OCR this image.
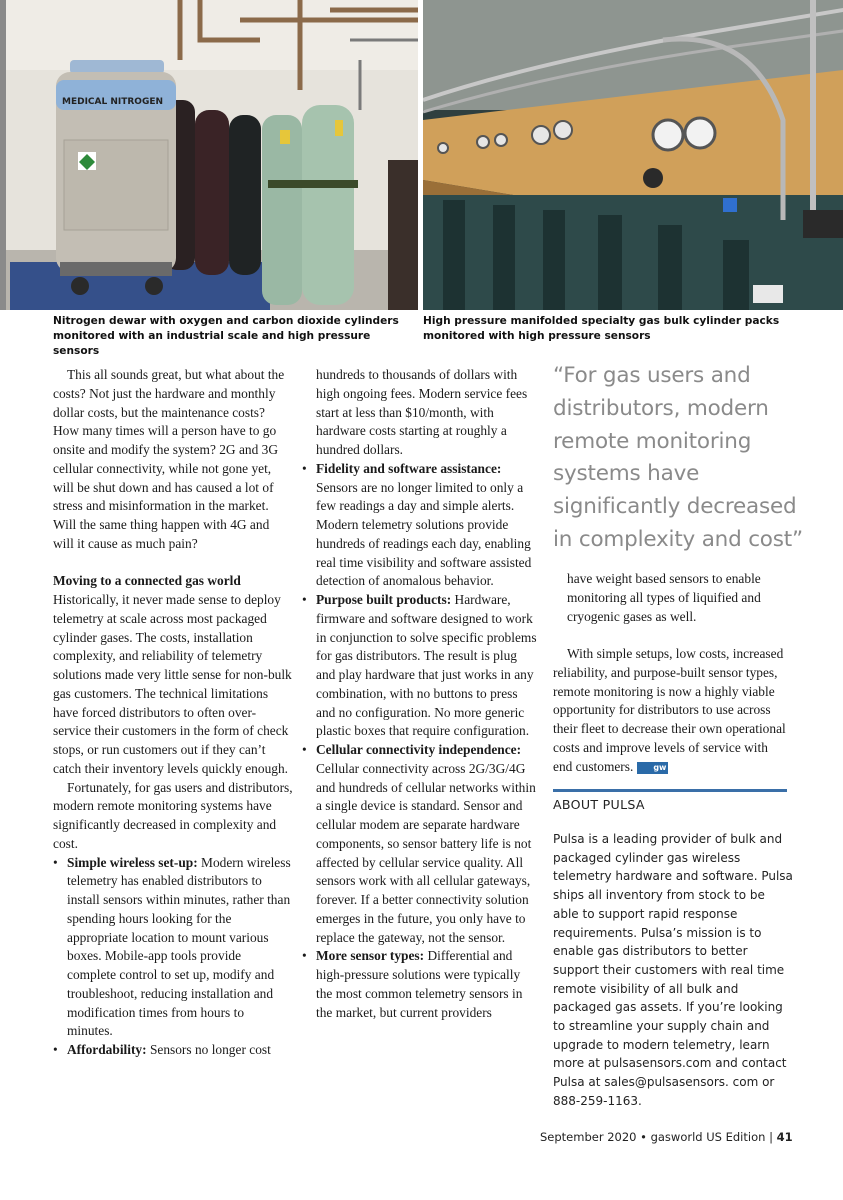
MEDICAL NITROGEN
Nitrogen dewar with oxygen and carbon dioxide cylinders monitored with an industrial scale and high pressure sensors
High pressure manifolded specialty gas bulk cylinder packs monitored with high pressure sensors

This all sounds great, but what about the costs? Not just the hardware and monthly dollar costs, but the maintenance costs? How many times will a person have to go onsite and modify the system? 2G and 3G cellular connectivity, while not gone yet, will be shut down and has caused a lot of stress and misinformation in the market. Will the same thing happen with 4G and will it cause as much pain?

Moving to a connected gas world

Historically, it never made sense to deploy telemetry at scale across most packaged cylinder gases. The costs, installation complexity, and reliability of telemetry solutions made very little sense for non-bulk gas customers. The technical limitations have forced distributors to often over-service their customers in the form of check stops, or run customers out if they can’t catch their inventory levels quickly enough.

Fortunately, for gas users and distributors, modern remote monitoring systems have significantly decreased in complexity and cost.

• Simple wireless set-up: Modern wireless telemetry has enabled distributors to install sensors within minutes, rather than spending hours looking for the appropriate location to mount various boxes. Mobile-app tools provide complete control to set up, modify and troubleshoot, reducing installation and modification times from hours to minutes.
• Affordability: Sensors no longer cost

hundreds to thousands of dollars with high ongoing fees. Modern service fees start at less than $10/month, with hardware costs starting at roughly a hundred dollars.

• Fidelity and software assistance: Sensors are no longer limited to only a few readings a day and simple alerts. Modern telemetry solutions provide hundreds of readings each day, enabling real time visibility and software assisted detection of anomalous behavior.
• Purpose built products: Hardware, firmware and software designed to work in conjunction to solve specific problems for gas distributors. The result is plug and play hardware that just works in any combination, with no buttons to press and no configuration. No more generic plastic boxes that require configuration.
• Cellular connectivity independence: Cellular connectivity across 2G/3G/4G and hundreds of cellular networks within a single device is standard. Sensor and cellular modem are separate hardware components, so sensor battery life is not affected by cellular service quality. All sensors work with all cellular gateways, forever. If a better connectivity solution emerges in the future, you only have to replace the gateway, not the sensor.
• More sensor types: Differential and high-pressure solutions were typically the most common telemetry sensors in the market, but current providers
“For gas users and distributors, modern remote monitoring systems have significantly decreased in complexity and cost”

have weight based sensors to enable monitoring all types of liquified and cryogenic gases as well.

With simple setups, low costs, increased reliability, and purpose-built sensor types, remote monitoring is now a highly viable opportunity for distributors to use across their fleet to decrease their own operational costs and improve levels of service with end customers.	gw

ABOUT PULSA
Pulsa is a leading provider of bulk and packaged cylinder gas wireless telemetry hardware and software. Pulsa ships all inventory from stock to be able to support rapid response requirements. Pulsa’s mission is to enable gas distributors to better support their customers with real time remote visibility of all bulk and packaged gas assets. If you’re looking to streamline your supply chain and upgrade to modern telemetry, learn more at pulsasensors.com and contact Pulsa at sales@pulsasensors. com or 888-259-1163.
September 2020 • gasworld US Edition | 41
